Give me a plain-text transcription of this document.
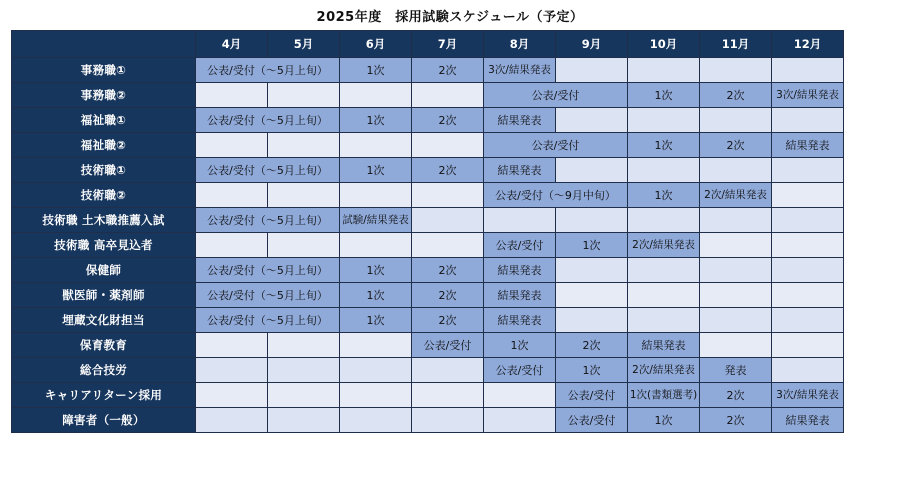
2025年度　採用試験スケジュール（予定）
	4月	5月	6月	7月	8月	9月	10月	11月	12月
事務職①	公表/受付（～5月上旬）		1次	2次	3次/結果発表				

事務職②					公表/受付		1次	2次	3次/結果発表

福祉職①	公表/受付（～5月上旬）		1次	2次	結果発表				
福祉職②					公表/受付		1次	2次	結果発表
技術職①	公表/受付（～5月上旬）		1次	2次	結果発表				
技術職②					公表/受付（～9月中旬）		1次	2次/結果発表	

技術職 土木職推薦入試	公表/受付（～5月上旬）		試験/結果発表						

技術職 高卒見込者					公表/受付	1次	2次/結果発表		

保健師	公表/受付（～5月上旬）		1次	2次	結果発表				
獣医師・薬剤師	公表/受付（～5月上旬）		1次	2次	結果発表				
埋蔵文化財担当	公表/受付（～5月上旬）		1次	2次	結果発表				
保育教育				公表/受付	1次	2次	結果発表		
総合技労					公表/受付	1次	2次/結果発表	発表	
キャリアリターン採用						公表/受付	1次(書類選考)	2次	3次/結果発表

障害者（一般）						公表/受付	1次	2次	結果発表
